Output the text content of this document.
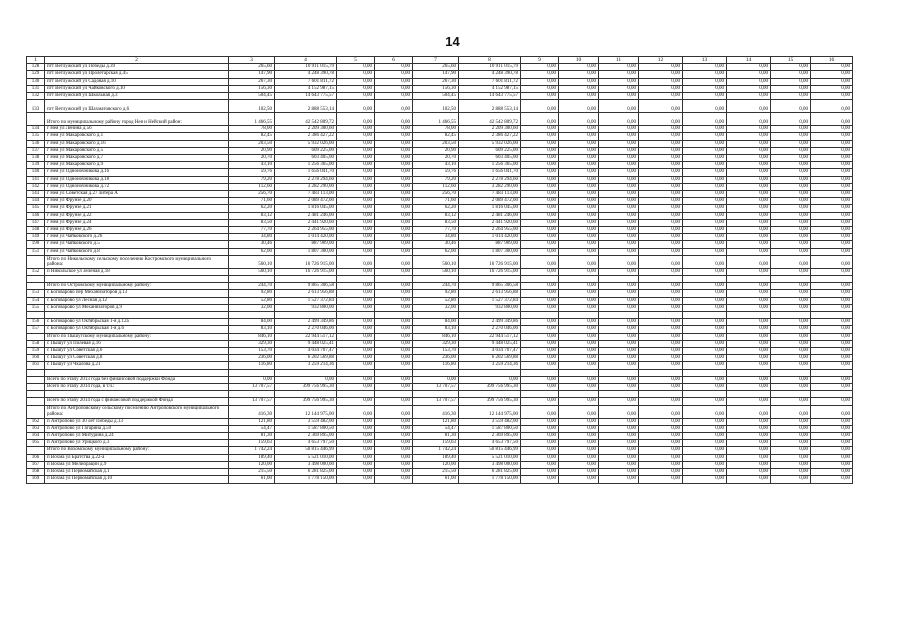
14
1	2	3	4	5	6	7	8	9	10	11	12	13	14	15	16
128	пгт Ветлужский ул Победы д.39	265,60	10 911 015,79	0,00	0,00	265,60	10 911 015,79	0,00	0,00	0,00	0,00	0,00	0,00	0,00	0,00
129	пгт Ветлужский ул Пролетарская д.45	147,90	4 248 390,78	0,00	0,00	147,90	4 248 390,78	0,00	0,00	0,00	0,00	0,00	0,00	0,00	0,00
130	пгт Ветлужский ул Садовая д.10	267,30	7 601 811,72	0,00	0,00	267,30	7 601 811,72	0,00	0,00	0,00	0,00	0,00	0,00	0,00	0,00
131	пгт Ветлужский ул Чайковского д.10	156,30	4 152 987,15	0,00	0,00	156,30	4 152 987,15	0,00	0,00	0,00	0,00	0,00	0,00	0,00	0,00
132	пгт Ветлужский ул Школьная д.3	504,45	14 643 775,57	0,00	0,00	504,45	14 643 775,57	0,00	0,00	0,00	0,00	0,00	0,00	0,00	0,00
133	пгт Ветлужский ул Шахматовского д.6	102,50	2 888 553,14	0,00	0,00	102,50	2 888 553,14	0,00	0,00	0,00	0,00	0,00	0,00	0,00	0,00
	Итого по муниципальному району город Нея и Нейский район:	1 466,55	42 542 809,72	0,00	0,00	1 466,55	42 542 809,72	0,00	0,00	0,00	0,00	0,00	0,00	0,00	0,00
134	г Нея ул Ленина д.56	78,00	2 209 300,60	0,00	0,00	78,00	2 209 300,60	0,00	0,00	0,00	0,00	0,00	0,00	0,00	0,00
135	г Нея ул Макаровского д.1	82,45	2 386 427,22	0,00	0,00	82,45	2 386 427,22	0,00	0,00	0,00	0,00	0,00	0,00	0,00	0,00
136	г Нея ул Макаровского д.16	203,50	5 932 026,00	0,00	0,00	203,50	5 932 026,00	0,00	0,00	0,00	0,00	0,00	0,00	0,00	0,00
137	г Нея ул Макаровского д.5	20,90	609 225,00	0,00	0,00	20,90	609 225,00	0,00	0,00	0,00	0,00	0,00	0,00	0,00	0,00
138	г Нея ул Макаровского д.7	20,70	603 405,00	0,00	0,00	20,70	603 405,00	0,00	0,00	0,00	0,00	0,00	0,00	0,00	0,00
139	г Нея ул Макаровского д.9	43,10	1 256 365,00	0,00	0,00	43,10	1 256 365,00	0,00	0,00	0,00	0,00	0,00	0,00	0,00	0,00
140	г Нея ул Одноночникова д.16	59,76	1 656 041,70	0,00	0,00	59,76	1 656 041,70	0,00	0,00	0,00	0,00	0,00	0,00	0,00	0,00
141	г Нея ул Одноночникова д.18	79,20	2 278 294,60	0,00	0,00	79,20	2 278 294,60	0,00	0,00	0,00	0,00	0,00	0,00	0,00	0,00
142	г Нея ул Одноночникова д.72	112,60	3 282 290,00	0,00	0,00	112,60	3 282 290,00	0,00	0,00	0,00	0,00	0,00	0,00	0,00	0,00
143	г Нея ул Советская д.27 литера А	256,70	7 483 113,00	0,00	0,00	256,70	7 483 113,00	0,00	0,00	0,00	0,00	0,00	0,00	0,00	0,00
144	г Нея ул Фрунзе д.20	71,60	2 089 472,00	0,00	0,00	71,60	2 089 472,00	0,00	0,00	0,00	0,00	0,00	0,00	0,00	0,00
145	г Нея ул Фрунзе д.21	62,20	1 816 045,00	0,00	0,00	62,20	1 816 045,00	0,00	0,00	0,00	0,00	0,00	0,00	0,00	0,00
146	г Нея ул Фрунзе д.22	83,12	2 481 246,00	0,00	0,00	83,12	2 481 246,00	0,00	0,00	0,00	0,00	0,00	0,00	0,00	0,00
147	г Нея ул Фрунзе д.24	83,50	2 441 920,60	0,00	0,00	83,50	2 441 920,60	0,00	0,00	0,00	0,00	0,00	0,00	0,00	0,00
148	г Нея ул Фрунзе д.26	77,70	2 264 955,00	0,00	0,00	77,70	2 264 955,00	0,00	0,00	0,00	0,00	0,00	0,00	0,00	0,00
149	г Нея ул Чайковского д.26	34,80	1 014 420,00	0,00	0,00	34,80	1 014 420,00	0,00	0,00	0,00	0,00	0,00	0,00	0,00	0,00
190	г Нея ул Чайковского д.5	30,46	887 909,00	0,00	0,00	30,46	887 909,00	0,00	0,00	0,00	0,00	0,00	0,00	0,00	0,00
151	г Нея ул Чайковского д.8	62,00	1 807 300,00	0,00	0,00	62,00	1 807 300,00	0,00	0,00	0,00	0,00	0,00	0,00	0,00	0,00
	Итого по Никольскому сельскому поселению Костромского муниципального района:	560,10	16 726 915,00	0,00	0,00	560,10	16 726 915,00	0,00	0,00	0,00	0,00	0,00	0,00	0,00	0,00
152	п Никольское ул Зеленая д.18	560,10	16 726 915,00	0,00	0,00	560,10	16 726 915,00	0,00	0,00	0,00	0,00	0,00	0,00	0,00	0,00

	Итого по Островскому муниципальному району:	244,70	9 865 306,58	0,00	0,00	244,70	9 865 306,58	0,00	0,00	0,00	0,00	0,00	0,00	0,00	0,00
153	с Боговарово пер Механизаторов д.13	92,80	2 613 956,88	0,00	0,00	92,80	2 613 956,88	0,00	0,00	0,00	0,00	0,00	0,00	0,00	0,00
154	с Боговарово ул Лесная д.12	52,80	1 527 372,84	0,00	0,00	52,80	1 527 372,84	0,00	0,00	0,00	0,00	0,00	0,00	0,00	0,00
155	с Боговарово ул Механизаторов д.9	32,00	932 800,00	0,00	0,00	32,00	932 800,00	0,00	0,00	0,00	0,00	0,00	0,00	0,00	0,00

156	с Боговарово ул Октябрьская 1-я д.12а	84,00	2 499 349,86	0,00	0,00	84,00	2 499 349,86	0,00	0,00	0,00	0,00	0,00	0,00	0,00	0,00
157	с Боговарово ул Октябрьская 1-я д.6	83,10	2 270 046,00	0,00	0,00	83,10	2 270 046,00	0,00	0,00	0,00	0,00	0,00	0,00	0,00	0,00
	Итого по Пышугскому муниципальному району:	846,10	22 944 517,12	0,00	0,00	846,10	22 944 517,12	0,00	0,00	0,00	0,00	0,00	0,00	0,00	0,00
158	с Пышуг ул Полевая д.16	329,30	9 448 025,41	0,00	0,00	329,30	9 448 025,41	0,00	0,00	0,00	0,00	0,00	0,00	0,00	0,00
159	с Пышуг ул Советская д.6	153,70	4 034 707,47	0,00	0,00	153,70	4 034 707,47	0,00	0,00	0,00	0,00	0,00	0,00	0,00	0,00
160	с Пышуг ул Советская д.8	236,00	6 202 569,88	0,00	0,00	236,00	6 202 569,88	0,00	0,00	0,00	0,00	0,00	0,00	0,00	0,00
161	с Пышуг ул Чкалова д.21	116,80	3 259 214,36	0,00	0,00	116,80	3 259 214,36	0,00	0,00	0,00	0,00	0,00	0,00	0,00	0,00

	Всего по этапу 2013 года без финансовой поддержки Фонда	0,00	0,00	0,00	0,00	0,00	0,00	0,00	0,00	0,00	0,00	0,00	0,00	0,00	0,00
	Всего по этапу 2014 года, в т.ч.:	13 707,57	399 756 995,30	0,00	0,00	13 707,57	399 756 995,30	0,00	0,00	0,00	0,00	0,00	0,00	0,00	0,00

	Всего по этапу 2014 года с финансовой поддержкой Фонда	13 707,57	399 756 995,30	0,00	0,00	13 707,57	399 756 995,30	0,00	0,00	0,00	0,00	0,00	0,00	0,00	0,00
	Итого по Антроповскому сельскому поселению Антроповского муниципального района:	416,30	12 144 975,00	0,00	0,00	416,30	12 144 975,00	0,00	0,00	0,00	0,00	0,00	0,00	0,00	0,00
162	п Антропово ул 30 лет Победы д.13	121,80	3 559 482,00	0,00	0,00	121,80	3 559 482,00	0,00	0,00	0,00	0,00	0,00	0,00	0,00	0,00
163	п Антропово ул Гагарина д.59	54,47	1 587 800,50	0,00	0,00	54,47	1 587 800,50	0,00	0,00	0,00	0,00	0,00	0,00	0,00	0,00
164	п Антропово ул Митурина д.24	81,30	2 369 895,00	0,00	0,00	81,30	2 369 895,00	0,00	0,00	0,00	0,00	0,00	0,00	0,00	0,00
165	п Антропово ул Урицкого д.3	159,63	4 653 797,50	0,00	0,00	159,63	4 653 797,50	0,00	0,00	0,00	0,00	0,00	0,00	0,00	0,00
	Итого по Вохомскому муниципальному району:	1 742,24	50 815 446,99	0,00	0,00	1 742,24	50 815 446,99	0,00	0,00	0,00	0,00	0,00	0,00	0,00	0,00
166	п Вохма ул Братства д.22-а	189,40	5 521 010,00	0,00	0,00	189,40	5 521 010,00	0,00	0,00	0,00	0,00	0,00	0,00	0,00	0,00
167	п Вохма ул Мелиорации д.9	120,00	3 498 000,00	0,00	0,00	120,00	3 498 000,00	0,00	0,00	0,00	0,00	0,00	0,00	0,00	0,00
168	п Вохма ул Первомайская д.1	215,50	6 281 825,00	0,00	0,00	215,50	6 281 825,00	0,00	0,00	0,00	0,00	0,00	0,00	0,00	0,00
169	п Вохма ул Первомайская д.10	61,00	1 778 150,00	0,00	0,00	61,00	1 778 150,00	0,00	0,00	0,00	0,00	0,00	0,00	0,00	0,00
